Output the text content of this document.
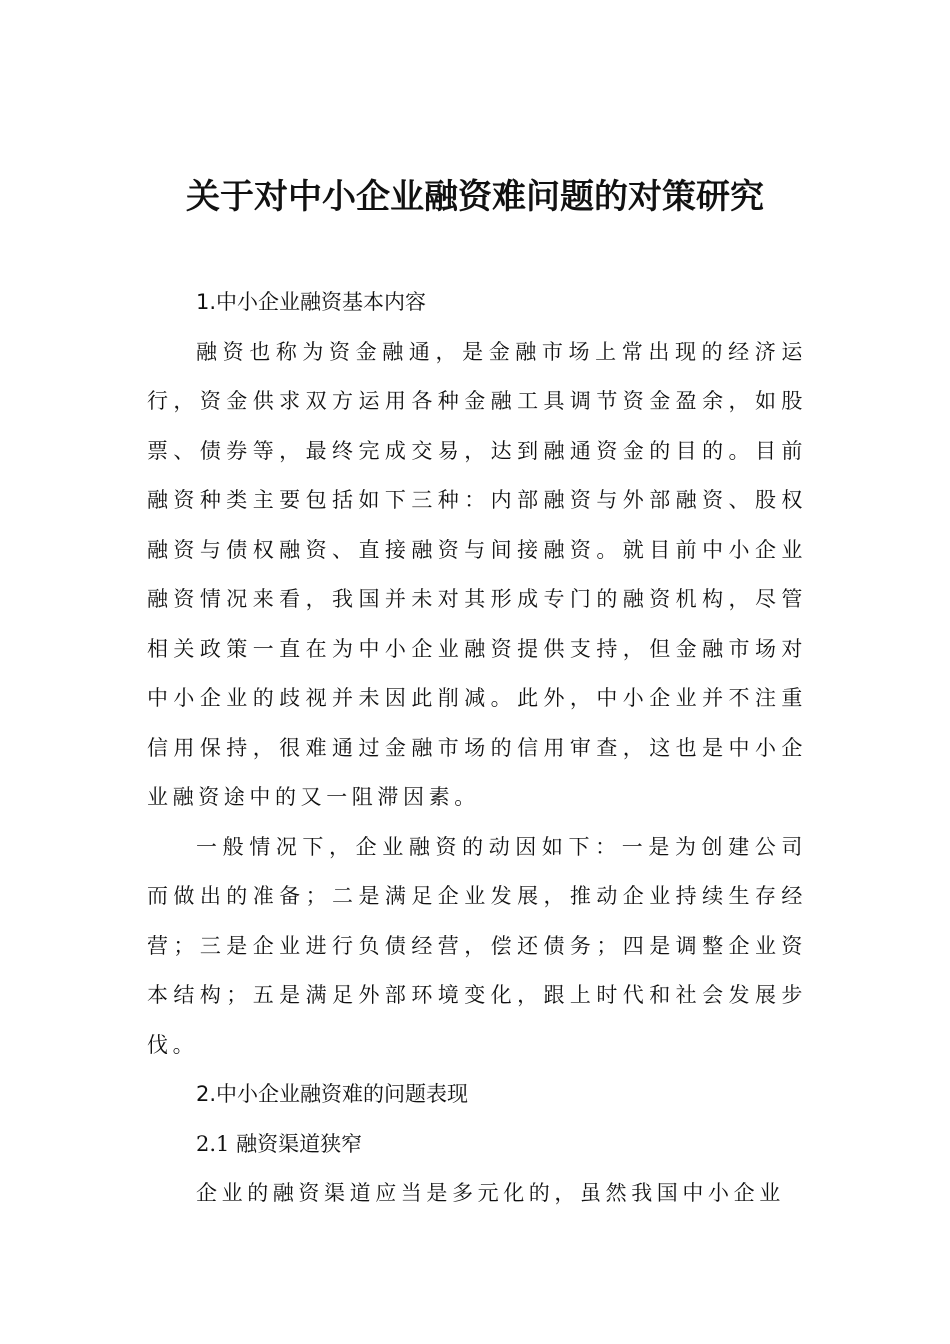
关于对中小企业融资难问题的对策研究

1.中小企业融资基本内容

融资也称为资金融通，是金融市场上常出现的经济运行，资金供求双方运用各种金融工具调节资金盈余，如股票、债券等，最终完成交易，达到融通资金的目的。目前融资种类主要包括如下三种：内部融资与外部融资、股权融资与债权融资、直接融资与间接融资。就目前中小企业融资情况来看，我国并未对其形成专门的融资机构，尽管相关政策一直在为中小企业融资提供支持，但金融市场对中小企业的歧视并未因此削减。此外，中小企业并不注重信用保持，很难通过金融市场的信用审查，这也是中小企业融资途中的又一阻滞因素。

一般情况下，企业融资的动因如下：一是为创建公司而做出的准备；二是满足企业发展，推动企业持续生存经营；三是企业进行负债经营，偿还债务；四是调整企业资本结构；五是满足外部环境变化，跟上时代和社会发展步伐。

2.中小企业融资难的问题表现

2.1 融资渠道狭窄

企业的融资渠道应当是多元化的，虽然我国中小企业
